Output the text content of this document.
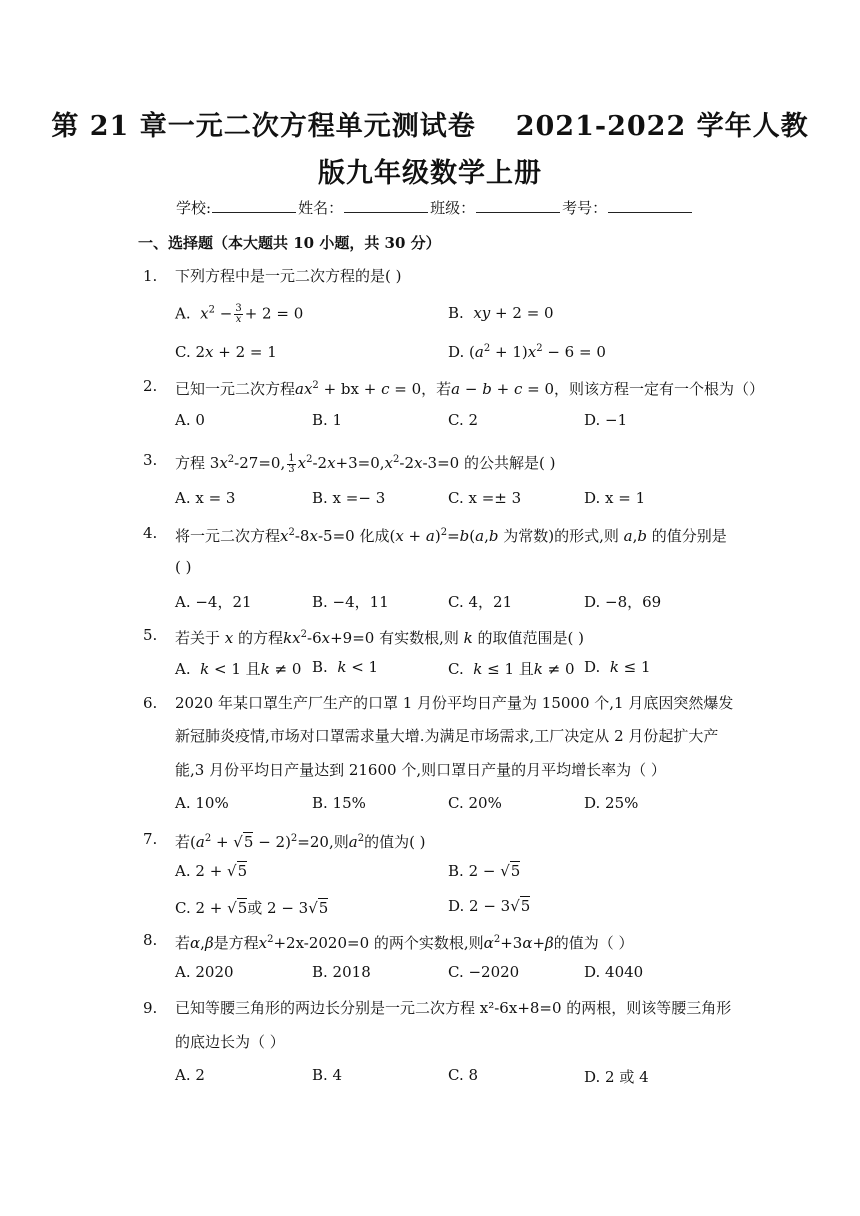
第 21 章一元二次方程单元测试卷 2021-2022 学年人教
版九年级数学上册
学校:	姓名：	班级：	考号：
一、选择题（本大题共 10 小题，共 30 分）
1. 下列方程中是一元二次方程的是( )
A. $x^2 - \frac{3}{x} + 2 = 0$	B. xy + 2 = 0
C. 2x + 2 = 1	D. $(a^2 + 1)x^2 - 6 = 0$
2. 已知一元二次方程$ax^2$ + bx + c = 0，若a − b + c = 0，则该方程一定有一个根为（）
A. 0	B. 1	C. 2	D. −1
3. 方程 $3x^2-27=0$, $\frac{1}{3} x^2-2x+3=0,x^2-2x-3=0$ 的公共解是( )
A. x = 3	B. x =− 3	C. x =± 3	D. x = 1
4. 将一元二次方程$x^2-8x-5=0$ 化成$(x + a)^2=b(a,b$ 为常数)的形式,则 a,b 的值分别是
( )
A. −4，21	B. −4，11	C. 4，21	D. −8，69
5. 若关于 x 的方程$kx^2-6x+9=0$ 有实数根,则 k 的取值范围是( )
A. k < 1 且k ≠ 0 B. k < 1	C. k ≤ 1 且k ≠ 0 D. k ≤ 1
6. 2020 年某口罩生产厂生产的口罩 1 月份平均日产量为 15000 个,1 月底因突然爆发
新冠肺炎疫情,市场对口罩需求量大增.为满足市场需求,工厂决定从 2 月份起扩大产
能,3 月份平均日产量达到 21600 个,则口罩日产量的月平均增长率为（ ）
A. 10%	B. 15%	C. 20%	D. 25%
7. 若$(a^2 + √5 - 2)^2=20$,则$a^2$的值为( )
A. 2 + √5	B. 2 − √5
C. 2 + √5或 2 − 3√5	D. 2 − 3√5
8. 若α,β是方程$x^2+2x-2020=0$ 的两个实数根,则$\alpha^2+3\alpha+\beta$的值为（ ）
A. 2020	B. 2018	C. −2020	D. 4040
9. 已知等腰三角形的两边长分别是一元二次方程 x²-6x+8=0 的两根，则该等腰三角形
的底边长为（ ）
A. 2	B. 4	C. 8	D. 2 或 4
